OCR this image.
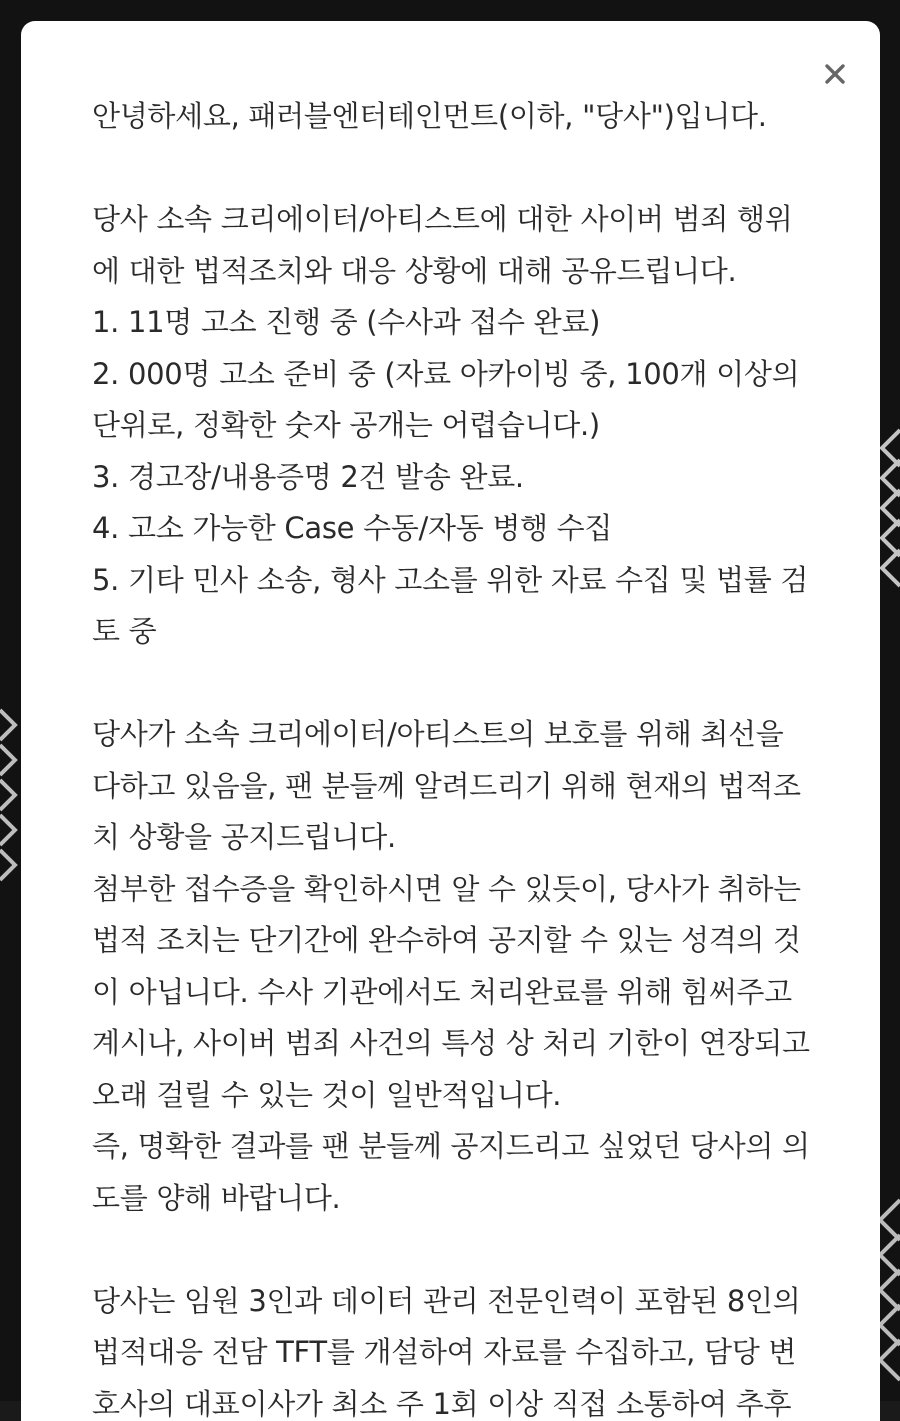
안녕하세요, 패러블엔터테인먼트(이하, "당사")입니다.
당사 소속 크리에이터/아티스트에 대한 사이버 범죄 행위
에 대한 법적조치와 대응 상황에 대해 공유드립니다.
1. 11명 고소 진행 중 (수사과 접수 완료)
2. 000명 고소 준비 중 (자료 아카이빙 중, 100개 이상의
단위로, 정확한 숫자 공개는 어렵습니다.)
3. 경고장/내용증명 2건 발송 완료.
4. 고소 가능한 Case 수동/자동 병행 수집
5. 기타 민사 소송, 형사 고소를 위한 자료 수집 및 법률 검
토 중
당사가 소속 크리에이터/아티스트의 보호를 위해 최선을
다하고 있음을, 팬 분들께 알려드리기 위해 현재의 법적조
치 상황을 공지드립니다.
첨부한 접수증을 확인하시면 알 수 있듯이, 당사가 취하는
법적 조치는 단기간에 완수하여 공지할 수 있는 성격의 것
이 아닙니다. 수사 기관에서도 처리완료를 위해 힘써주고
계시나, 사이버 범죄 사건의 특성 상 처리 기한이 연장되고
오래 걸릴 수 있는 것이 일반적입니다.
즉, 명확한 결과를 팬 분들께 공지드리고 싶었던 당사의 의
도를 양해 바랍니다.
당사는 임원 3인과 데이터 관리 전문인력이 포함된 8인의
법적대응 전담 TFT를 개설하여 자료를 수집하고, 담당 변
호사의 대표이사가 최소 주 1회 이상 직접 소통하여 추후
